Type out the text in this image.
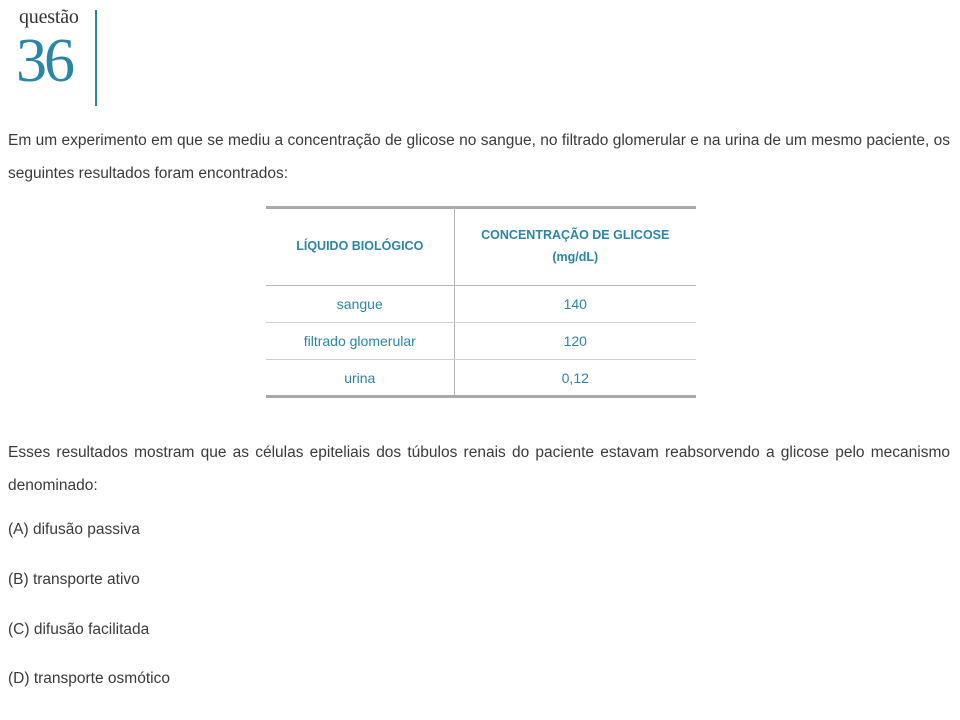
questão
36
Em um experimento em que se mediu a concentração de glicose no sangue, no filtrado glomerular e na urina de um mesmo paciente, os seguintes resultados foram encontrados:
LÍQUIDO BIOLÓGICO	CONCENTRAÇÃO DE GLICOSE
(mg/dL)
sangue	140
filtrado glomerular	120
urina	0,12
Esses resultados mostram que as células epiteliais dos túbulos renais do paciente estavam reabsorvendo a glicose pelo mecanismo denominado:
(A) difusão passiva
(B) transporte ativo
(C) difusão facilitada
(D) transporte osmótico
